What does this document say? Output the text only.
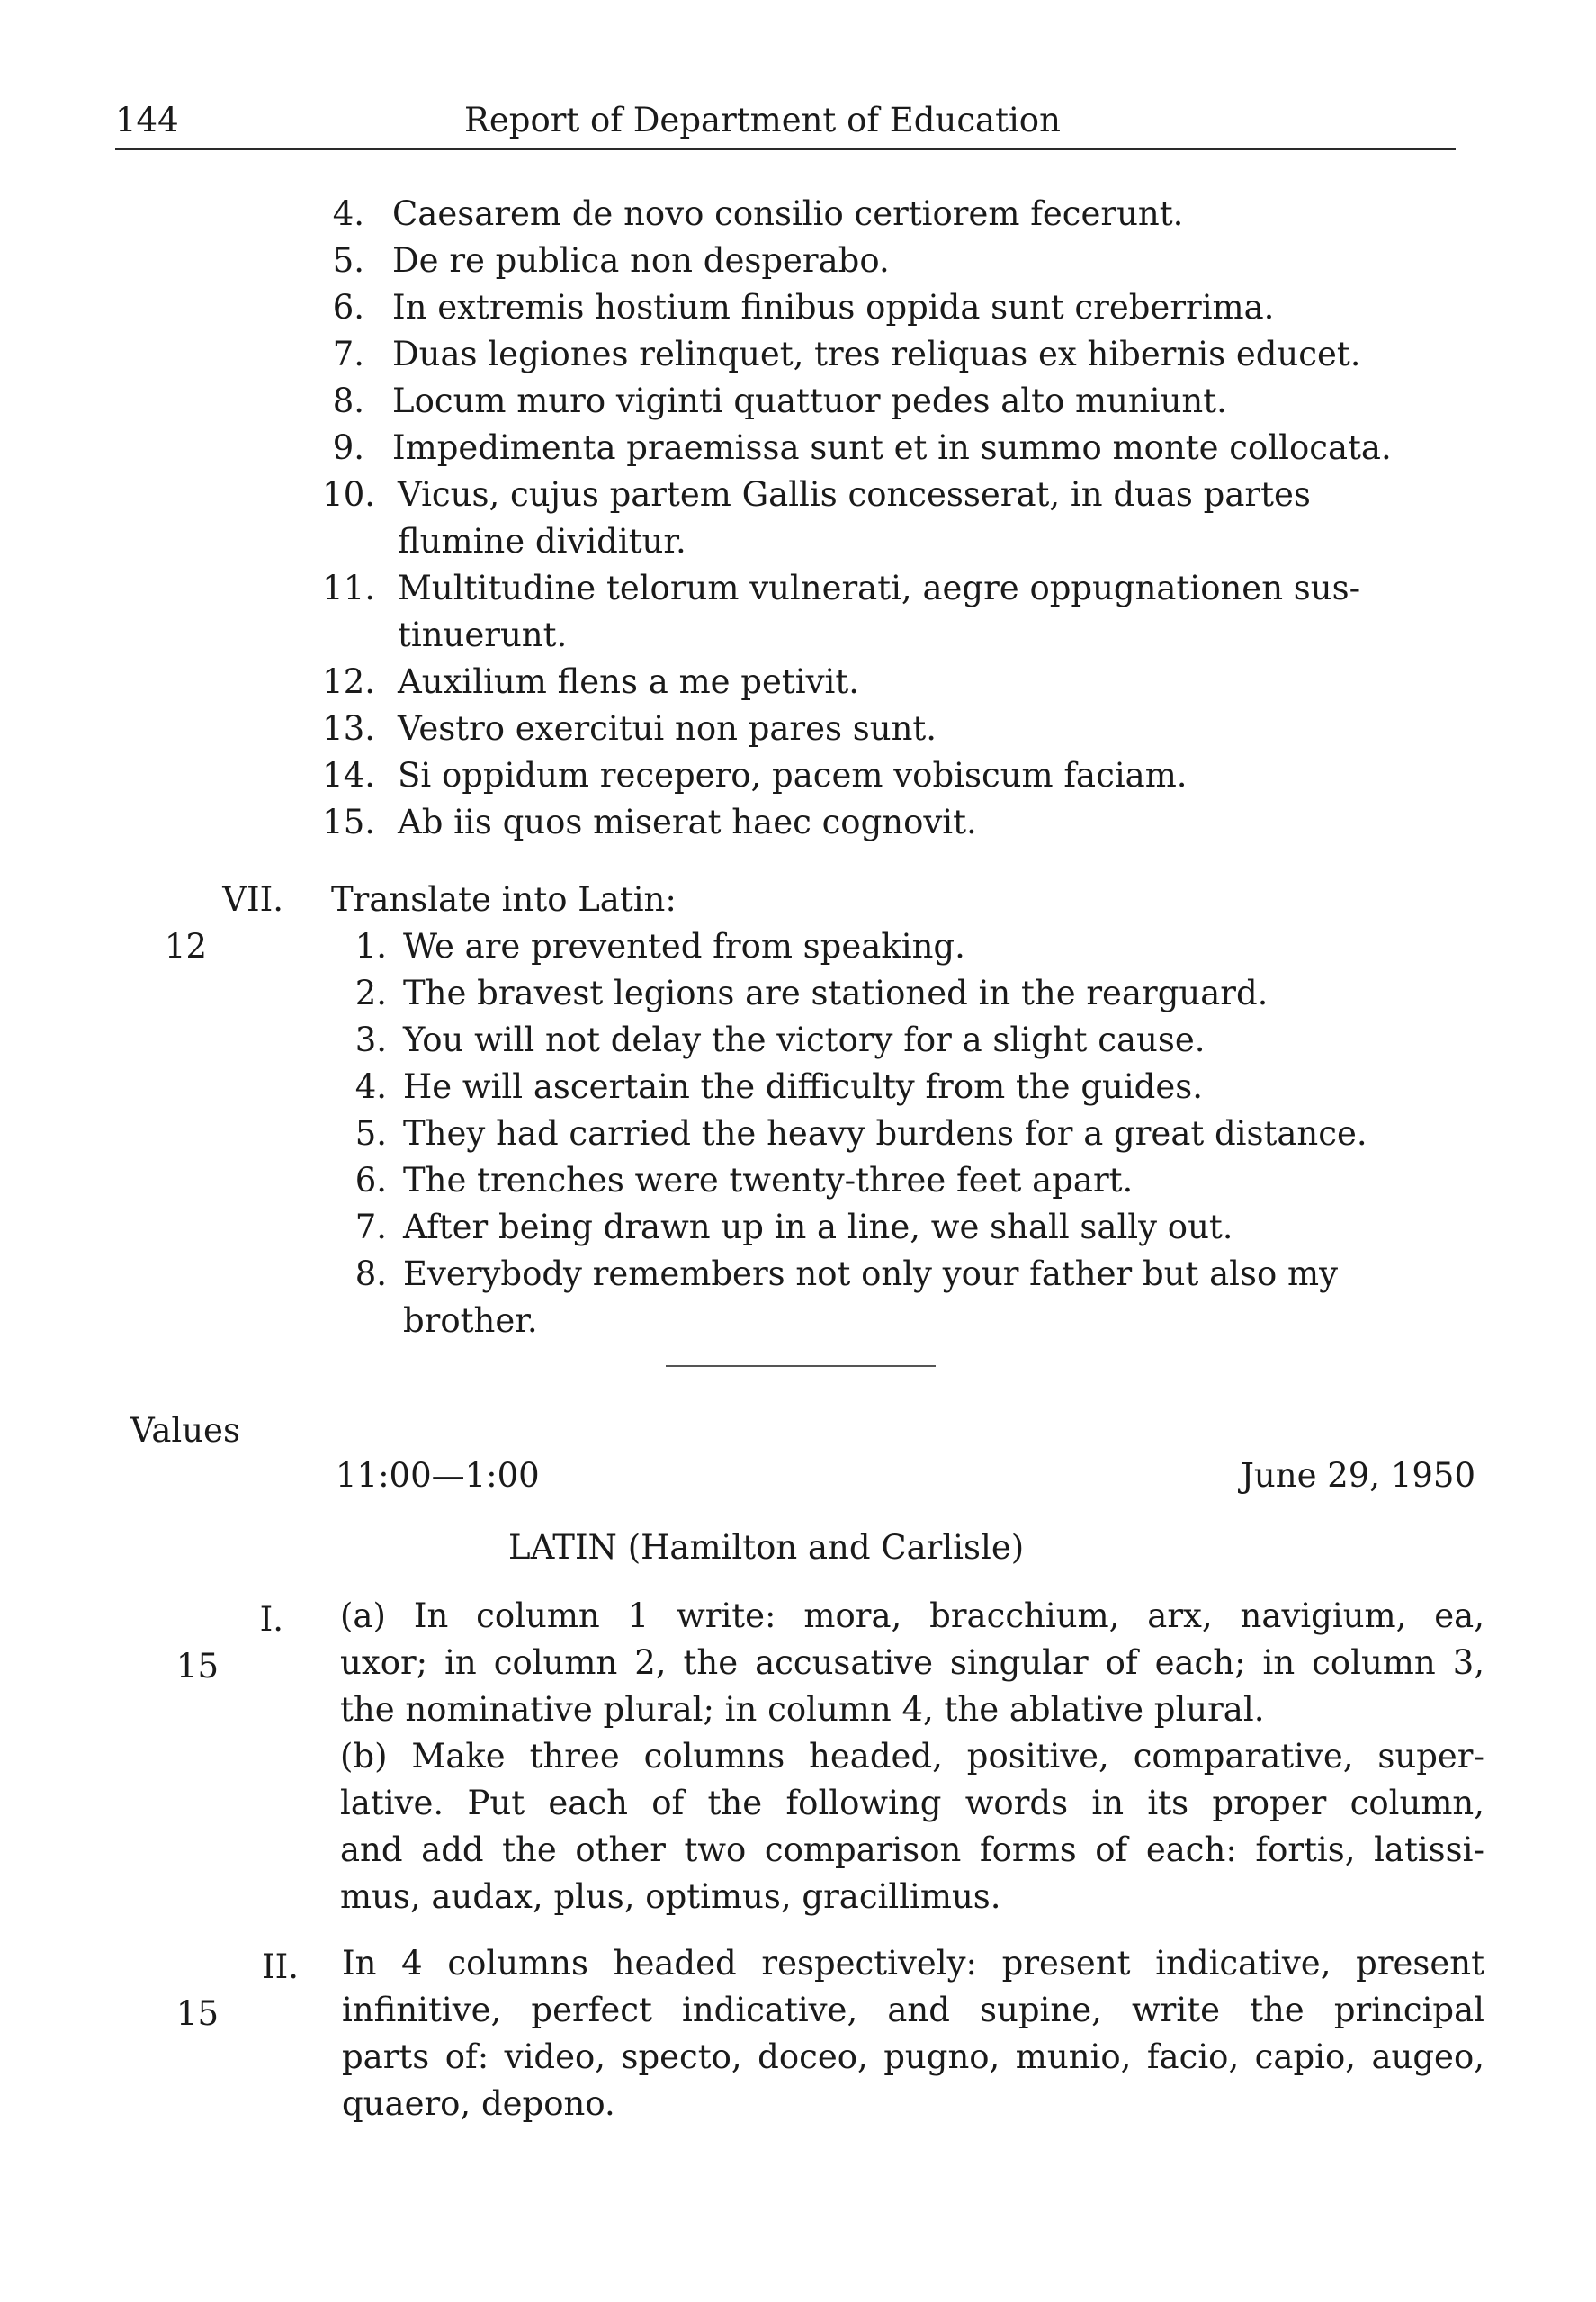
144	Report of Department of Education
4. Caesarem de novo consilio certiorem fecerunt.
5. De re publica non desperabo.
6. In extremis hostium finibus oppida sunt creberrima.
7. Duas legiones relinquet, tres reliquas ex hibernis educet.
8. Locum muro viginti quattuor pedes alto muniunt.
9. Impedimenta praemissa sunt et in summo monte collocata.
10. Vicus, cujus partem Gallis concesserat, in duas partes
flumine dividitur.
11. Multitudine telorum vulnerati, aegre oppugnationen sus-
tinuerunt.
12. Auxilium flens a me petivit.
13. Vestro exercitui non pares sunt.
14. Si oppidum recepero, pacem vobiscum faciam.
15. Ab iis quos miserat haec cognovit.
VII. Translate into Latin:
12	1. We are prevented from speaking.
2. The bravest legions are stationed in the rearguard.
3. You will not delay the victory for a slight cause.
4. He will ascertain the difficulty from the guides.
5. They had carried the heavy burdens for a great distance.
6. The trenches were twenty-three feet apart.
7. After being drawn up in a line, we shall sally out.
8. Everybody remembers not only your father but also my
brother.
Values
11:00—1:00	June 29, 1950
LATIN (Hamilton and Carlisle)
I.
15
(a) In column 1 write: mora, bracchium, arx, navigium, ea,
uxor; in column 2, the accusative singular of each; in column 3,
the nominative plural; in column 4, the ablative plural.
(b) Make three columns headed, positive, comparative, super-
lative. Put each of the following words in its proper column,
and add the other two comparison forms of each: fortis, latissi-
mus, audax, plus, optimus, gracillimus.
II.
15
In 4 columns headed respectively: present indicative, present
infinitive, perfect indicative, and supine, write the principal
parts of: video, specto, doceo, pugno, munio, facio, capio, augeo,
quaero, depono.
